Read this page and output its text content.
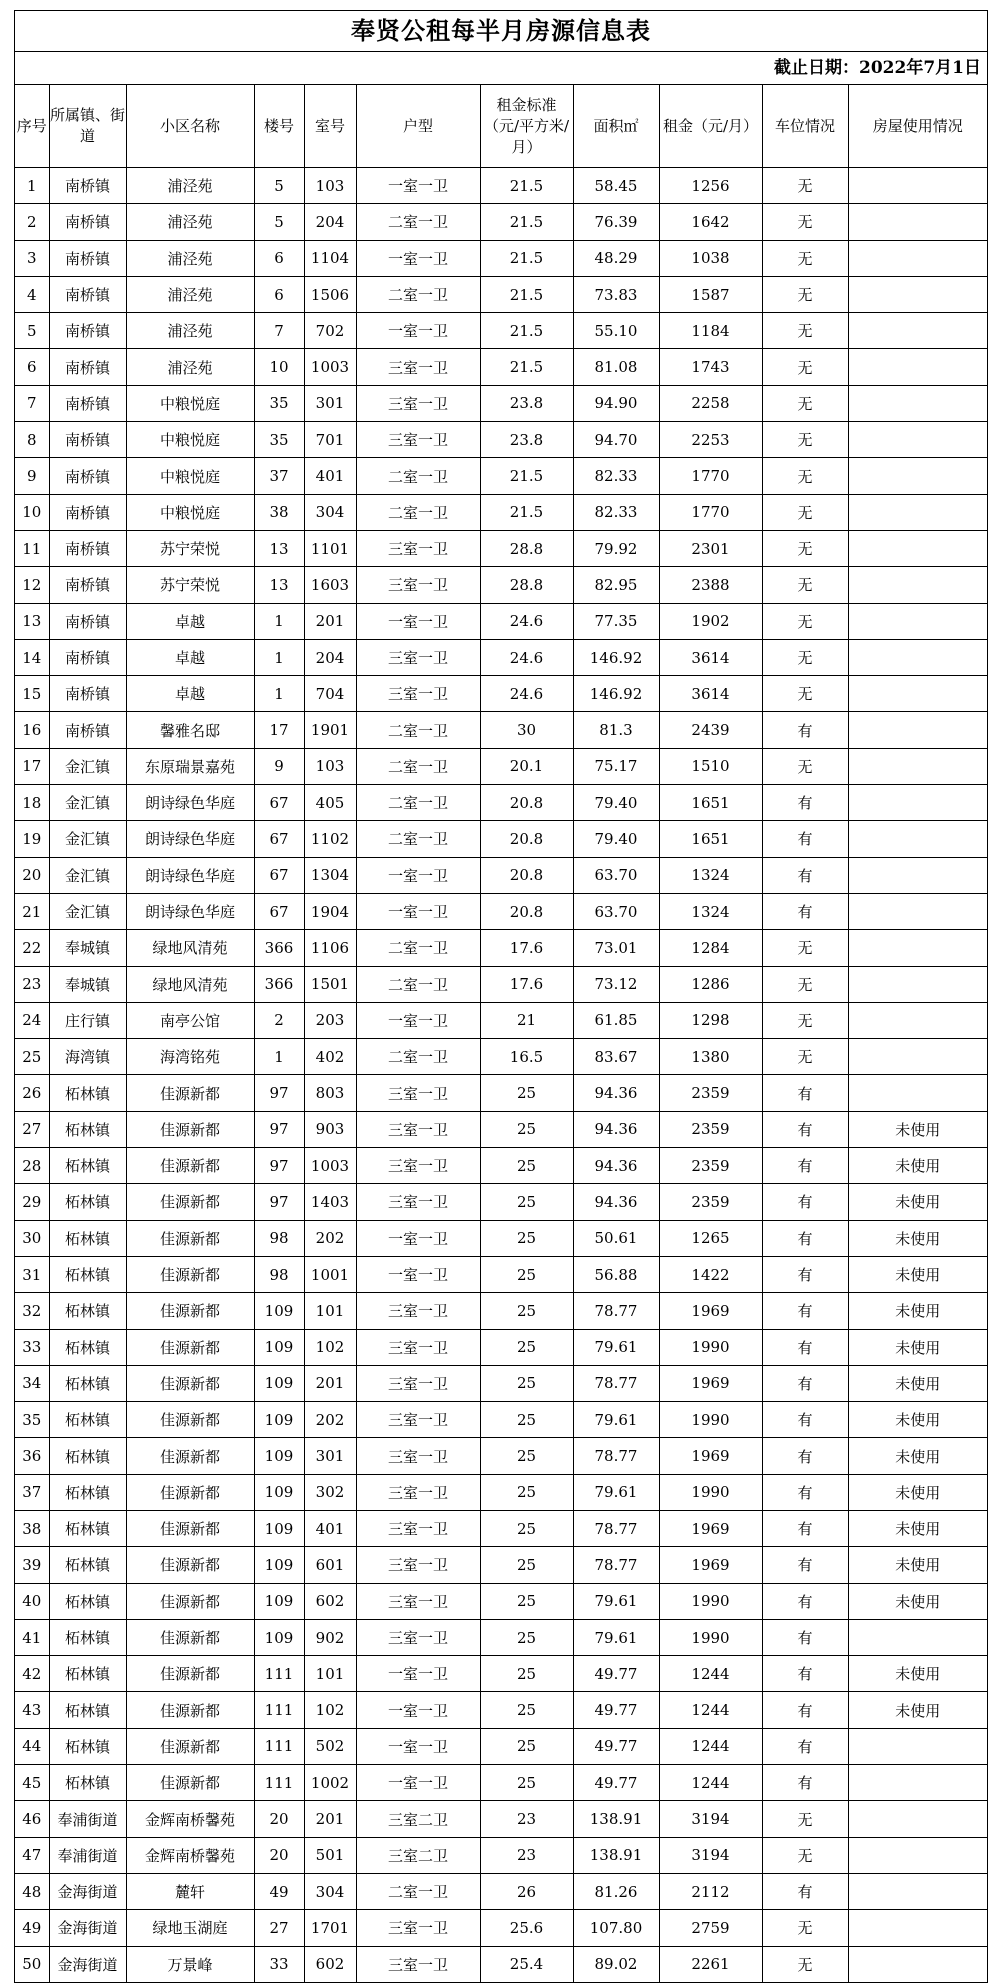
奉贤公租每半月房源信息表
截止日期：2022年7月1日
序号	所属镇、街道	小区名称	楼号	室号	户型	租金标准（元/平方米/月）	面积㎡	租金（元/月）	车位情况	房屋使用情况
1	南桥镇	浦泾苑	5	103	一室一卫	21.5	58.45	1256	无	
2	南桥镇	浦泾苑	5	204	二室一卫	21.5	76.39	1642	无	
3	南桥镇	浦泾苑	6	1104	一室一卫	21.5	48.29	1038	无	
4	南桥镇	浦泾苑	6	1506	二室一卫	21.5	73.83	1587	无	
5	南桥镇	浦泾苑	7	702	一室一卫	21.5	55.10	1184	无	
6	南桥镇	浦泾苑	10	1003	三室一卫	21.5	81.08	1743	无	
7	南桥镇	中粮悦庭	35	301	三室一卫	23.8	94.90	2258	无	
8	南桥镇	中粮悦庭	35	701	三室一卫	23.8	94.70	2253	无	
9	南桥镇	中粮悦庭	37	401	二室一卫	21.5	82.33	1770	无	
10	南桥镇	中粮悦庭	38	304	二室一卫	21.5	82.33	1770	无	
11	南桥镇	苏宁荣悦	13	1101	三室一卫	28.8	79.92	2301	无	
12	南桥镇	苏宁荣悦	13	1603	三室一卫	28.8	82.95	2388	无	
13	南桥镇	卓越	1	201	一室一卫	24.6	77.35	1902	无	
14	南桥镇	卓越	1	204	三室一卫	24.6	146.92	3614	无	
15	南桥镇	卓越	1	704	三室一卫	24.6	146.92	3614	无	
16	南桥镇	馨雅名邸	17	1901	二室一卫	30	81.3	2439	有	
17	金汇镇	东原瑞景嘉苑	9	103	二室一卫	20.1	75.17	1510	无	
18	金汇镇	朗诗绿色华庭	67	405	二室一卫	20.8	79.40	1651	有	
19	金汇镇	朗诗绿色华庭	67	1102	二室一卫	20.8	79.40	1651	有	
20	金汇镇	朗诗绿色华庭	67	1304	一室一卫	20.8	63.70	1324	有	
21	金汇镇	朗诗绿色华庭	67	1904	一室一卫	20.8	63.70	1324	有	
22	奉城镇	绿地风清苑	366	1106	二室一卫	17.6	73.01	1284	无	
23	奉城镇	绿地风清苑	366	1501	二室一卫	17.6	73.12	1286	无	
24	庄行镇	南亭公馆	2	203	一室一卫	21	61.85	1298	无	
25	海湾镇	海湾铭苑	1	402	二室一卫	16.5	83.67	1380	无	
26	柘林镇	佳源新都	97	803	三室一卫	25	94.36	2359	有	
27	柘林镇	佳源新都	97	903	三室一卫	25	94.36	2359	有	未使用
28	柘林镇	佳源新都	97	1003	三室一卫	25	94.36	2359	有	未使用
29	柘林镇	佳源新都	97	1403	三室一卫	25	94.36	2359	有	未使用
30	柘林镇	佳源新都	98	202	一室一卫	25	50.61	1265	有	未使用
31	柘林镇	佳源新都	98	1001	一室一卫	25	56.88	1422	有	未使用
32	柘林镇	佳源新都	109	101	三室一卫	25	78.77	1969	有	未使用
33	柘林镇	佳源新都	109	102	三室一卫	25	79.61	1990	有	未使用
34	柘林镇	佳源新都	109	201	三室一卫	25	78.77	1969	有	未使用
35	柘林镇	佳源新都	109	202	三室一卫	25	79.61	1990	有	未使用
36	柘林镇	佳源新都	109	301	三室一卫	25	78.77	1969	有	未使用
37	柘林镇	佳源新都	109	302	三室一卫	25	79.61	1990	有	未使用
38	柘林镇	佳源新都	109	401	三室一卫	25	78.77	1969	有	未使用
39	柘林镇	佳源新都	109	601	三室一卫	25	78.77	1969	有	未使用
40	柘林镇	佳源新都	109	602	三室一卫	25	79.61	1990	有	未使用
41	柘林镇	佳源新都	109	902	三室一卫	25	79.61	1990	有	
42	柘林镇	佳源新都	111	101	一室一卫	25	49.77	1244	有	未使用
43	柘林镇	佳源新都	111	102	一室一卫	25	49.77	1244	有	未使用
44	柘林镇	佳源新都	111	502	一室一卫	25	49.77	1244	有	
45	柘林镇	佳源新都	111	1002	一室一卫	25	49.77	1244	有	
46	奉浦街道	金辉南桥馨苑	20	201	三室二卫	23	138.91	3194	无	
47	奉浦街道	金辉南桥馨苑	20	501	三室二卫	23	138.91	3194	无	
48	金海街道	麓轩	49	304	二室一卫	26	81.26	2112	有	
49	金海街道	绿地玉湖庭	27	1701	三室一卫	25.6	107.80	2759	无	
50	金海街道	万景峰	33	602	三室一卫	25.4	89.02	2261	无	
